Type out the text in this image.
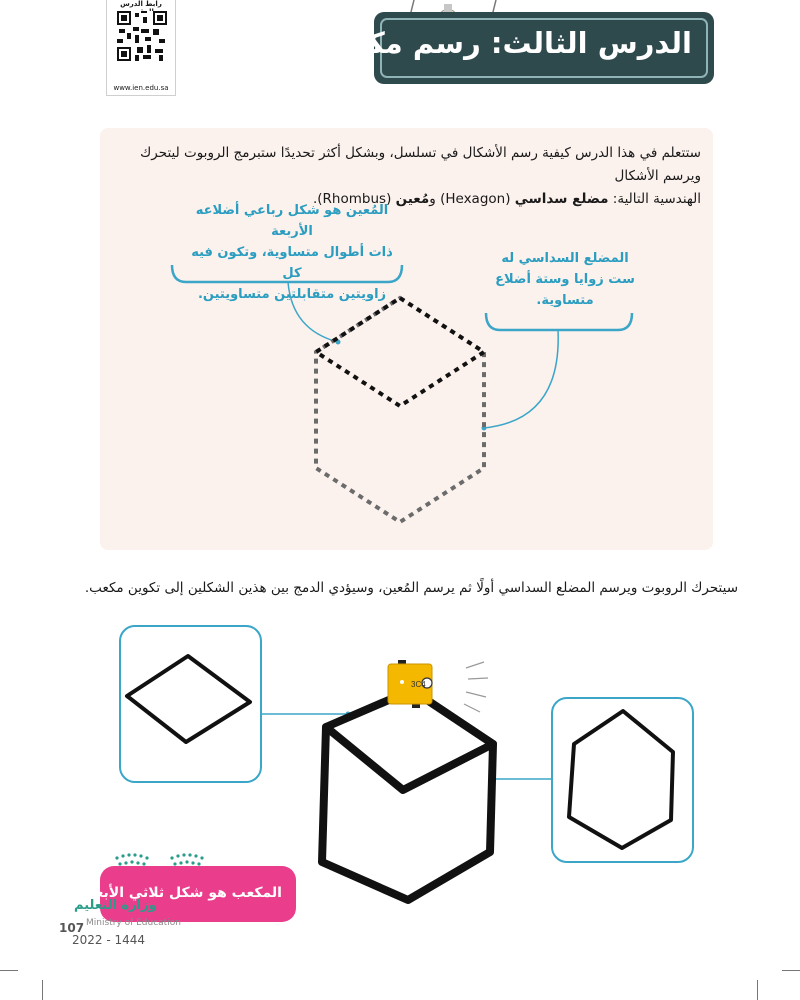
رابط الدرس
www.ien.edu.sa
الدرس الثالث: رسم مكعب
ستتعلم في هذا الدرس كيفية رسم الأشكال في تسلسل، وبشكل أكثر تحديدًا ستبرمج الروبوت ليتحرك ويرسم الأشكال
الهندسية التالية: مضلع سداسي (Hexagon) ومُعين (Rhombus).
المُعين هو شكل رباعي أضلاعه الأربعة
ذات أطوال متساوية، وتكون فيه كل
زاويتين متقابلتين متساويتين.
المضلع السداسي له
ست زوايا وستة أضلاع
متساوية.
سيتحرك الروبوت ويرسم المضلع السداسي أولًا ثم يرسم المُعين، وسيؤدي الدمج بين هذين الشكلين إلى تكوين مكعب.
3C4
المكعب هو شكل ثلاثي الأبعاد.
وزارة التعليم
Ministry of Education
107
2022 - 1444
